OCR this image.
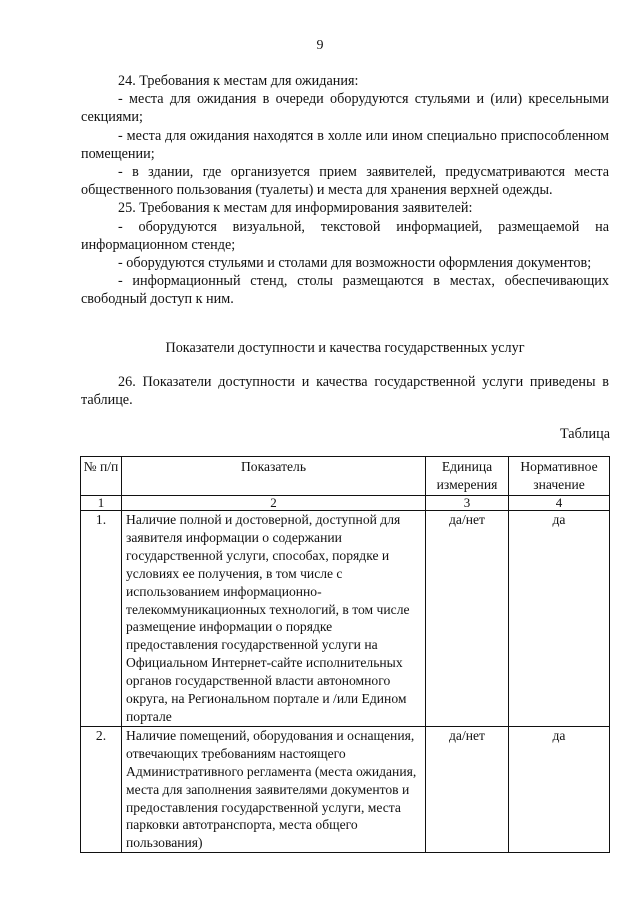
9

24. Требования к местам для ожидания:

- места для ожидания в очереди оборудуются стульями и (или) кресельными секциями;

- места для ожидания находятся в холле или ином специально приспособленном помещении;

- в здании, где организуется прием заявителей, предусматриваются места общественного пользования (туалеты) и места для хранения верхней одежды.

25. Требования к местам для информирования заявителей:

- оборудуются визуальной, текстовой информацией, размещаемой на информационном стенде;

- оборудуются стульями и столами для возможности оформления документов;

- информационный стенд, столы размещаются в местах, обеспечивающих свободный доступ к ним.

Показатели доступности и качества государственных услуг

26. Показатели доступности и качества государственной услуги приведены в таблице.

Таблица
№ п/п	Показатель	Единица измерения	Нормативное значение
1	2	3	4
1.	Наличие полной и достоверной, доступной для заявителя информации о содержании государственной услуги, способах, порядке и условиях ее получения, в том числе с использованием информационно-телекоммуникационных технологий, в том числе размещение информации о порядке предоставления государственной услуги на Официальном Интернет-сайте исполнительных органов государственной власти автономного округа, на Региональном портале и /или Едином портале	да/нет	да
2.	Наличие помещений, оборудования и оснащения, отвечающих требованиям настоящего Административного регламента (места ожидания, места для заполнения заявителями документов и предоставления государственной услуги, места парковки автотранспорта, места общего пользования)	да/нет	да
